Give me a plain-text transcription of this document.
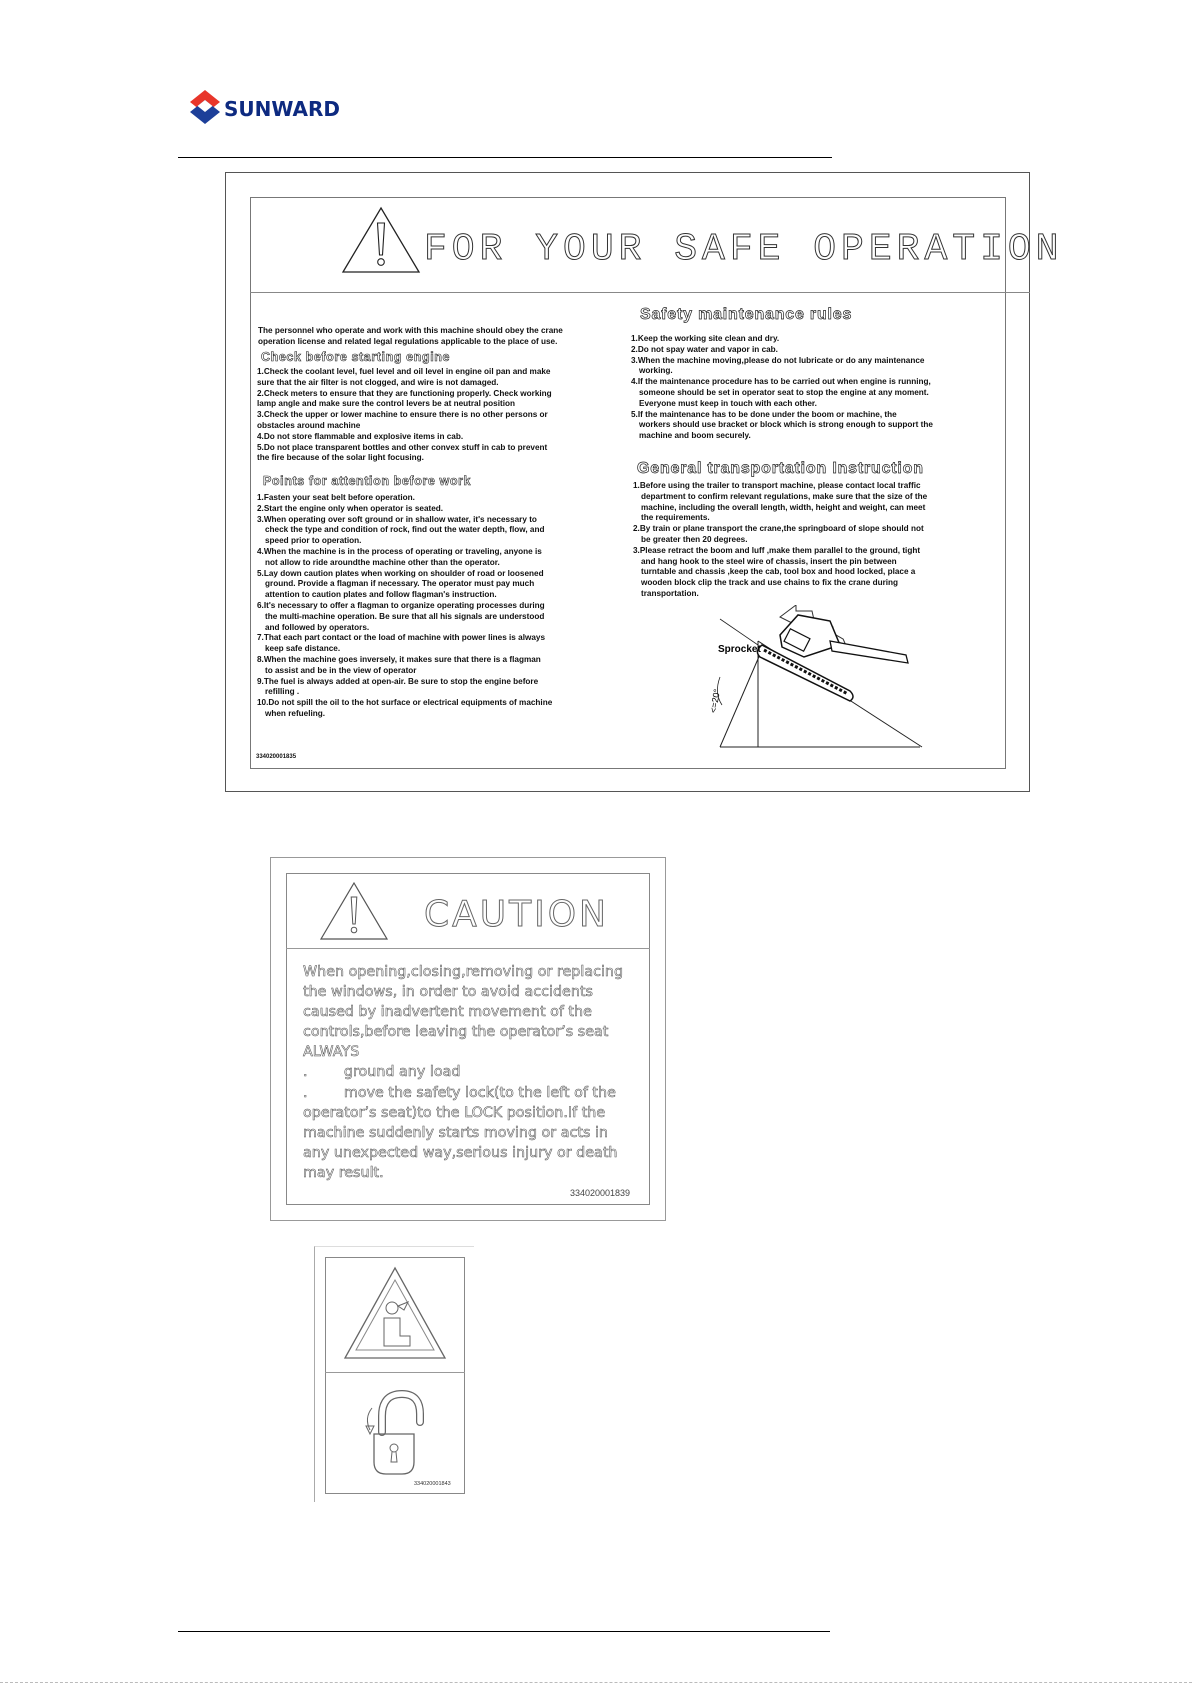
SUNWARD
FOR YOUR SAFE OPERATION
The personnel who operate and work with this machine should obey the crane
operation license and related legal regulations applicable to the place of use.
Check before starting engine
1.Check the coolant level, fuel level and oil level in engine oil pan and make
sure that the air filter is not clogged, and wire is not damaged.
2.Check meters to ensure that they are functioning properly. Check working
lamp angle and make sure the control levers be at neutral position
3.Check the upper or lower machine to ensure there is no other persons or
obstacles around machine
4.Do not store flammable and explosive items in cab.
5.Do not place transparent bottles and other convex stuff in cab to prevent
the fire because of the solar light focusing.
Points for attention before work
1.Fasten your seat belt before operation.
2.Start the engine only when operator is seated.
3.When operating over soft ground or in shallow water, it's necessary to
check the type and condition of rock, find out the water depth, flow, and
speed prior to operation.
4.When the machine is in the process of operating or traveling, anyone is
not allow to ride aroundthe machine other than the operator.
5.Lay down caution plates when working on shoulder of road or loosened
ground. Provide a flagman if necessary. The operator must pay much
attention to caution plates and follow flagman's instruction.
6.It's necessary to offer a flagman to organize operating processes during
the multi-machine operation. Be sure that all his signals are understood
and followed by operators.
7.That each part contact or the load of machine with power lines is always
keep safe distance.
8.When the machine goes inversely, it makes sure that there is a flagman
to assist and be in the view of operator
9.The fuel is always added at open-air. Be sure to stop the engine before
refilling .
10.Do not spill the oil to the hot surface or electrical equipments of machine
when refueling.
334020001835
Safety maintenance rules
1.Keep the working site clean and dry.
2.Do not spay water and vapor in cab.
3.When the machine moving,please do not lubricate or do any maintenance
working.
4.If the maintenance procedure has to be carried out when engine is running,
someone should be set in operator seat to stop the engine at any moment.
Everyone must keep in touch with each other.
5.If the maintenance has to be done under the boom or machine, the
workers should use bracket or block which is strong enough to support the
machine and boom securely.
General transportation Instruction
1.Before using the trailer to transport machine, please contact local traffic
department to confirm relevant regulations, make sure that the size of the
machine, including the overall length, width, height and weight, can meet
the requirements.
2.By train or plane transport the crane,the springboard of slope should not
be greater then 20 degrees.
3.Please retract the boom and luff ,make them parallel to the ground, tight
and hang hook to the steel wire of chassis, insert the pin between
turntable and chassis ,keep the cab, tool box and hood locked, place a
wooden block clip the track and use chains to fix the crane during
transportation.
Sprocket
<=20°
CAUTION
When opening,closing,removing or replacing
the windows, in order to avoid accidents
caused by inadvertent movement of the
controls,before leaving the operator’s seat
ALWAYS
.        ground any load
.        move the safety lock(to the left of the
operator’s seat)to the LOCK position.If the
machine suddenly starts moving or acts in
any unexpected way,serious injury or death
may result.
334020001839
334020001843
